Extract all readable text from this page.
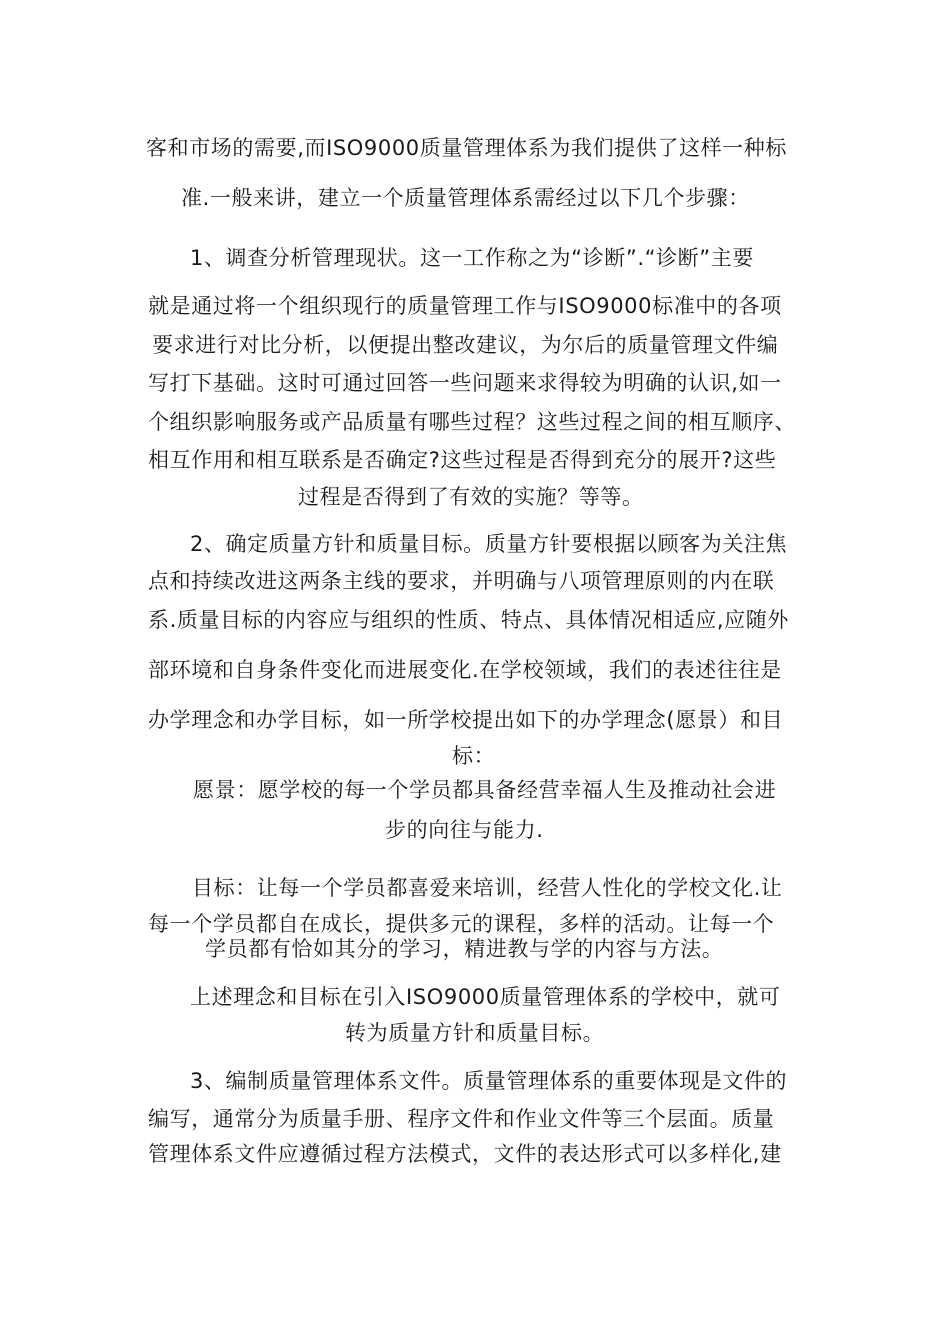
客和市场的需要,而ISO9000质量管理体系为我们提供了这样一种标
准.一般来讲，建立一个质量管理体系需经过以下几个步骤：
1、调查分析管理现状。这一工作称之为“诊断”.“诊断”主要
就是通过将一个组织现行的质量管理工作与ISO9000标准中的各项
要求进行对比分析，以便提出整改建议，为尔后的质量管理文件编
写打下基础。这时可通过回答一些问题来求得较为明确的认识,如一
个组织影响服务或产品质量有哪些过程？这些过程之间的相互顺序、
相互作用和相互联系是否确定?这些过程是否得到充分的展开?这些
过程是否得到了有效的实施？等等。
2、确定质量方针和质量目标。质量方针要根据以顾客为关注焦
点和持续改进这两条主线的要求，并明确与八项管理原则的内在联
系.质量目标的内容应与组织的性质、特点、具体情况相适应,应随外
部环境和自身条件变化而进展变化.在学校领域，我们的表述往往是
办学理念和办学目标，如一所学校提出如下的办学理念(愿景）和目
标：
愿景：愿学校的每一个学员都具备经营幸福人生及推动社会进
步的向往与能力.
目标：让每一个学员都喜爱来培训，经营人性化的学校文化.让
每一个学员都自在成长，提供多元的课程，多样的活动。让每一个
学员都有恰如其分的学习，精进教与学的内容与方法。
上述理念和目标在引入ISO9000质量管理体系的学校中，就可
转为质量方针和质量目标。
3、编制质量管理体系文件。质量管理体系的重要体现是文件的
编写，通常分为质量手册、程序文件和作业文件等三个层面。质量
管理体系文件应遵循过程方法模式，文件的表达形式可以多样化,建
